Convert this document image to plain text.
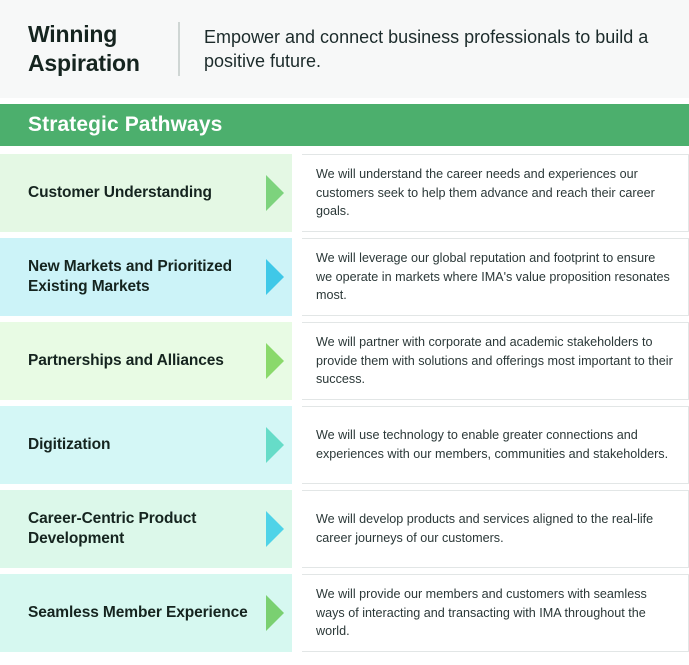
Winning Aspiration
Empower and connect business professionals to build a positive future.
Strategic Pathways
Customer Understanding
We will understand the career needs and experiences our customers seek to help them advance and reach their career goals.
New Markets and Prioritized Existing Markets
We will leverage our global reputation and footprint to ensure we operate in markets where IMA's value proposition resonates most.
Partnerships and Alliances
We will partner with corporate and academic stakeholders to provide them with solutions and offerings most important to their success.
Digitization
We will use technology to enable greater connections and experiences with our members, communities and stakeholders.
Career-Centric Product Development
We will develop products and services aligned to the real-life career journeys of our customers.
Seamless Member Experience
We will provide our members and customers with seamless ways of interacting and transacting with IMA throughout the world.
